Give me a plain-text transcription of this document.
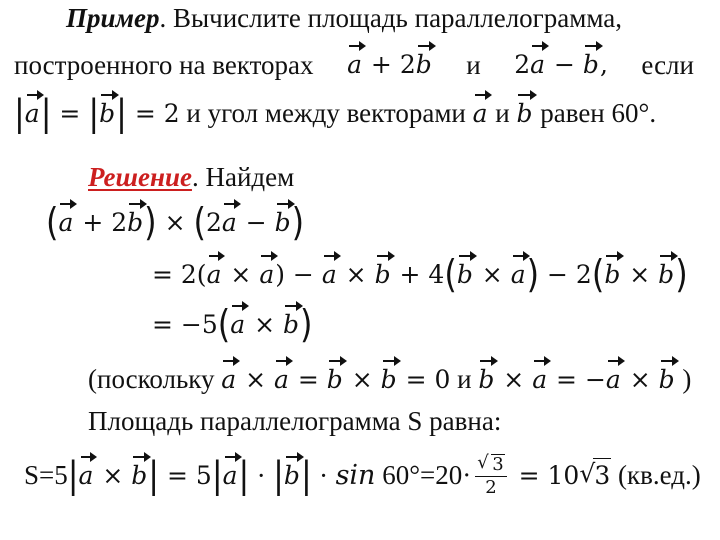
Пример. Вычислите площадь параллелограмма,
построенного на векторах a + 2b и 2a − b, если
|a| = |b| = 2 и угол между векторами a и b равен 60°.
Решение. Найдем
(a + 2b) × (2a − b)
= 2(a × a) − a × b + 4(b × a) − 2(b × b)
= −5(a × b)
(поскольку a × a = b × b = 0 и b × a = −a × b )
Площадь параллелограмма S равна:
S=5|a × b| = 5|a| · |b| · sin 60°=20·
√ $\frac{3}{2} = 10√$ 3 (кв.ед.)
